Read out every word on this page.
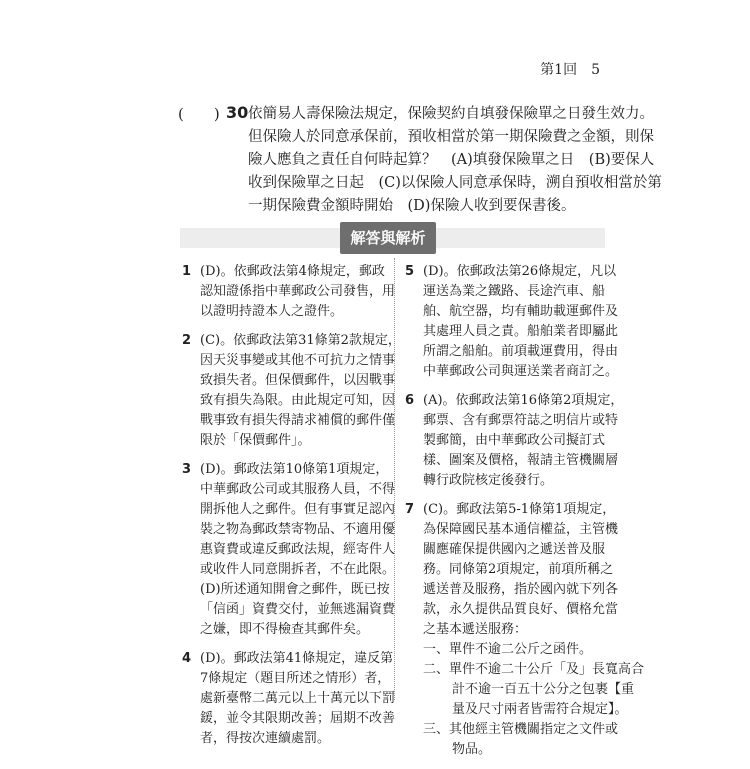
第1回 5
(　　) 30 依簡易人壽保險法規定，保險契約自填發保險單之日發生效力。

但保險人於同意承保前，預收相當於第一期保險費之金額，則保

險人應負之責任自何時起算？　(A)填發保險單之日　(B)要保人

收到保險單之日起　(C)以保險人同意承保時，溯自預收相當於第

一期保險費金額時開始　(D)保險人收到要保書後。

解答與解析
1 (D)。依郵政法第4條規定，郵政

認知證係指中華郵政公司發售，用

以證明持證本人之證件。

2 (C)。依郵政法第31條第2款規定，

因天災事變或其他不可抗力之情事

致損失者。但保價郵件，以因戰事

致有損失為限。由此規定可知，因

戰事致有損失得請求補償的郵件僅

限於「保價郵件」。

3 (D)。郵政法第10條第1項規定，

中華郵政公司或其服務人員，不得

開拆他人之郵件。但有事實足認內

裝之物為郵政禁寄物品、不適用優

惠資費或違反郵政法規，經寄件人

或收件人同意開拆者，不在此限。

(D)所述通知開會之郵件，既已按

「信函」資費交付，並無逃漏資費

之嫌，即不得檢查其郵件矣。

4 (D)。郵政法第41條規定，違反第

7條規定（題目所述之情形）者，

處新臺幣二萬元以上十萬元以下罰

鍰，並令其限期改善；屆期不改善

者，得按次連續處罰。

5 (D)。依郵政法第26條規定，凡以

運送為業之鐵路、長途汽車、船

舶、航空器，均有輔助載運郵件及

其處理人員之責。船舶業者即屬此

所謂之船舶。前項載運費用，得由

中華郵政公司與運送業者商訂之。

6 (A)。依郵政法第16條第2項規定，

郵票、含有郵票符誌之明信片或特

製郵簡，由中華郵政公司擬訂式

樣、圖案及價格，報請主管機關層

轉行政院核定後發行。

7 (C)。郵政法第5-1條第1項規定，

為保障國民基本通信權益，主管機

關應確保提供國內之遞送普及服

務。同條第2項規定，前項所稱之

遞送普及服務，指於國內就下列各

款，永久提供品質良好、價格允當

之基本遞送服務：

一、單件不逾二公斤之函件。

二、單件不逾二十公斤「及」長寬高合

計不逾一百五十公分之包裹【重

量及尺寸兩者皆需符合規定】。

三、其他經主管機關指定之文件或

物品。
